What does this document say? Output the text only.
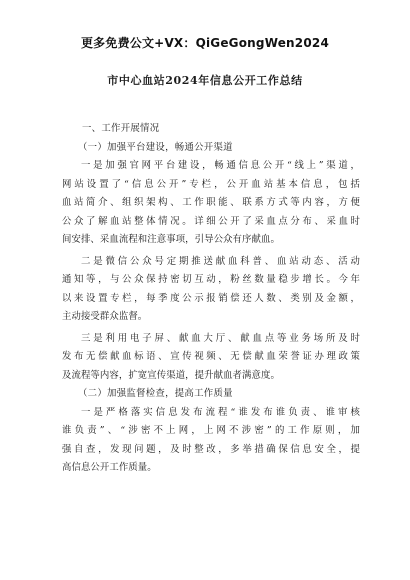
更多免费公文+VX：QiGeGongWen2024
市中心血站2024年信息公开工作总结
一、工作开展情况
（一）加强平台建设，畅通公开渠道
一是加强官网平台建设，畅通信息公开“线上”渠道，
网站设置了“信息公开”专栏，公开血站基本信息，包括
血站简介、组织架构、工作职能、联系方式等内容，方便
公众了解血站整体情况。详细公开了采血点分布、采血时
间安排、采血流程和注意事项，引导公众有序献血。
二是微信公众号定期推送献血科普、血站动态、活动
通知等，与公众保持密切互动，粉丝数量稳步增长。今年
以来设置专栏，每季度公示报销偿还人数、类别及金额，
主动接受群众监督。
三是利用电子屏、献血大厅、献血点等业务场所及时
发布无偿献血标语、宣传视频、无偿献血荣誉证办理政策
及流程等内容，扩宽宣传渠道，提升献血者满意度。
（二）加强监督检查，提高工作质量
一是严格落实信息发布流程“谁发布谁负责、谁审核
谁负责”、“涉密不上网，上网不涉密”的工作原则，加
强自查，发现问题，及时整改，多举措确保信息安全，提
高信息公开工作质量。
